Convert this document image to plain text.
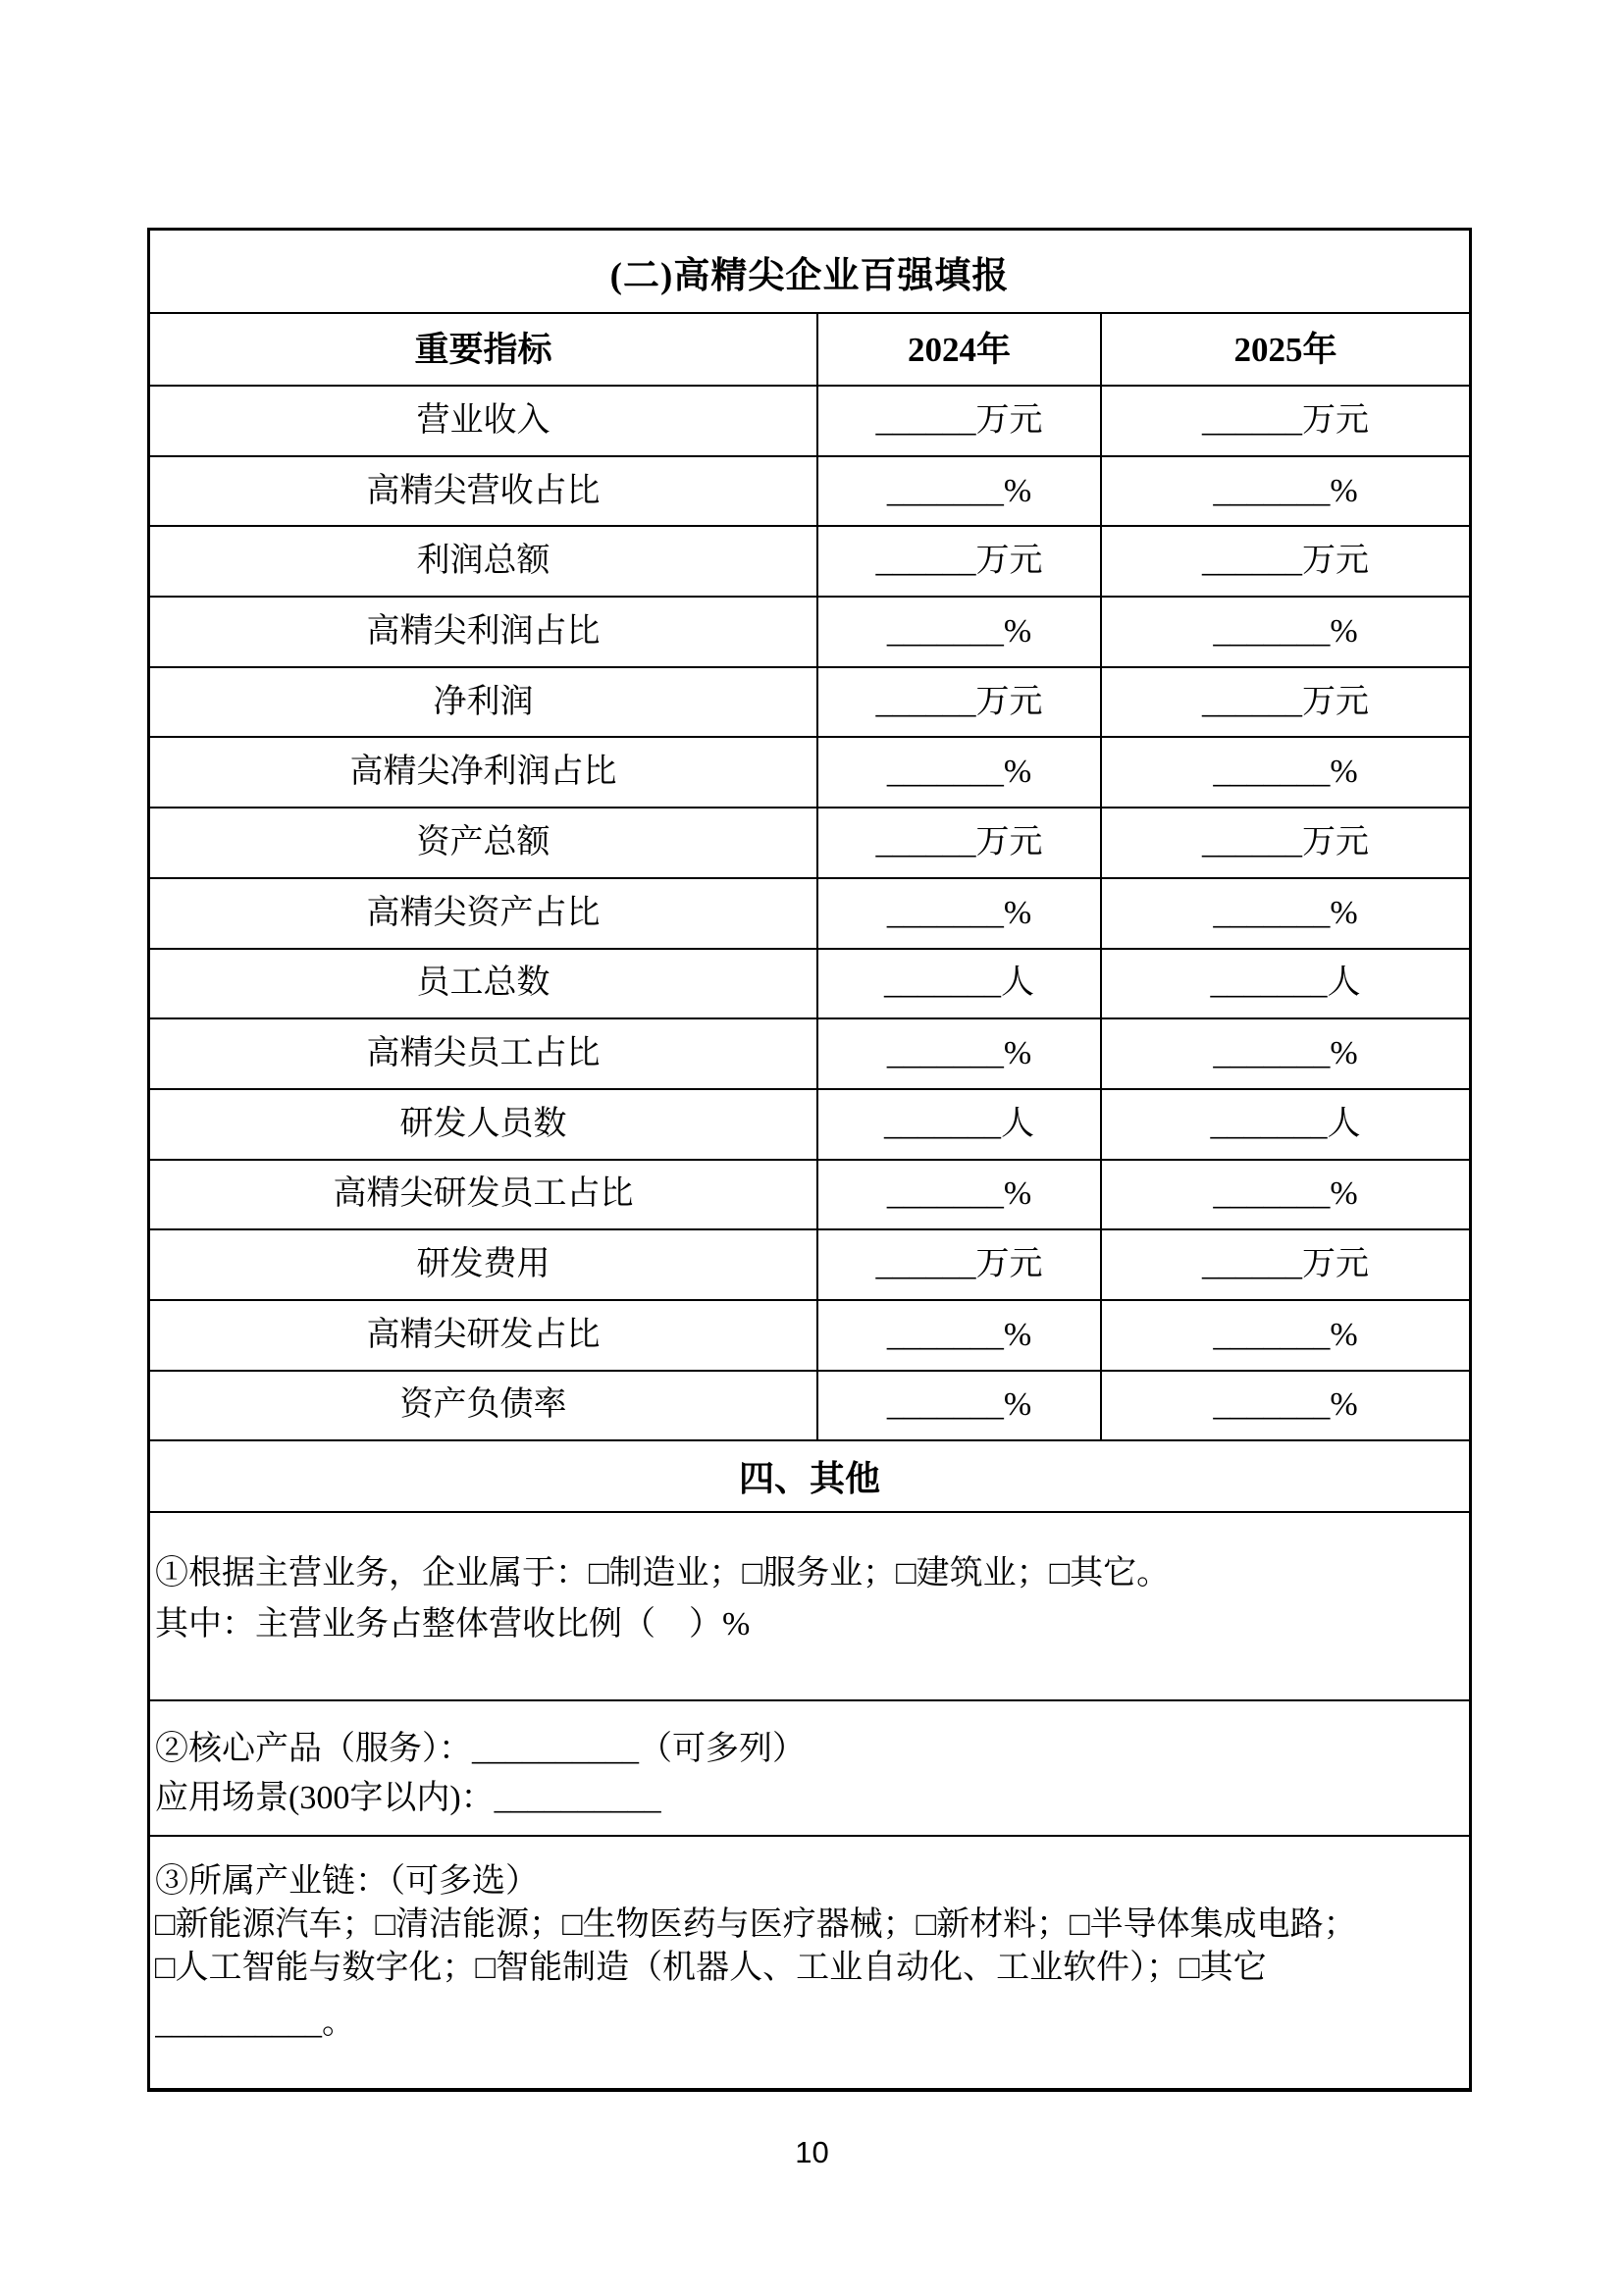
(二)高精尖企业百强填报
重要指标	2024年	2025年
营业收入	______万元	______万元
高精尖营收占比	_______%	_______%
利润总额	______万元	______万元
高精尖利润占比	_______%	_______%
净利润	______万元	______万元
高精尖净利润占比	_______%	_______%
资产总额	______万元	______万元
高精尖资产占比	_______%	_______%
员工总数	_______人	_______人
高精尖员工占比	_______%	_______%
研发人员数	_______人	_______人
高精尖研发员工占比	_______%	_______%
研发费用	______万元	______万元
高精尖研发占比	_______%	_______%
资产负债率	_______%	_______%
四、其他
①根据主营业务，企业属于：□制造业；□服务业；□建筑业；□其它。
其中：主营业务占整体营收比例（　）%
②核心产品（服务）：__________（可多列）
应用场景(300字以内)：__________
③所属产业链：（可多选）
□新能源汽车；□清洁能源；□生物医药与医疗器械；□新材料；□半导体集成电路；
□人工智能与数字化；□智能制造（机器人、工业自动化、工业软件）；□其它
__________。
10
